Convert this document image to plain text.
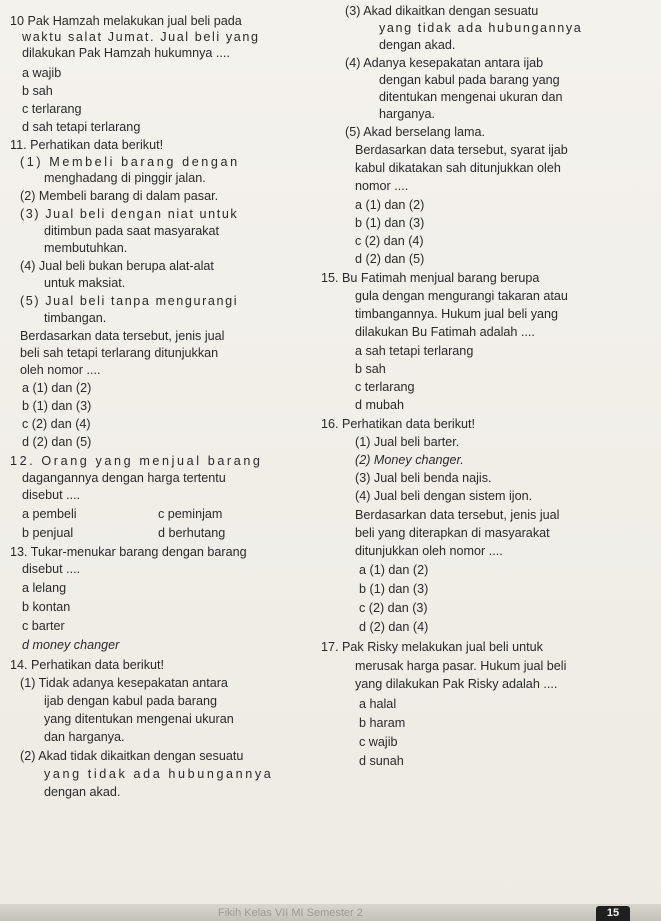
10 Pak Hamzah melakukan jual beli pada
waktu salat Jumat. Jual beli yang
dilakukan Pak Hamzah hukumnya ....
a wajib
b sah
c terlarang
d sah tetapi terlarang
11. Perhatikan data berikut!
(1) Membeli barang dengan
menghadang di pinggir jalan.
(2) Membeli barang di dalam pasar.
(3) Jual beli dengan niat untuk
ditimbun pada saat masyarakat
membutuhkan.
(4) Jual beli bukan berupa alat-alat
untuk maksiat.
(5) Jual beli tanpa mengurangi
timbangan.
Berdasarkan data tersebut, jenis jual
beli sah tetapi terlarang ditunjukkan
oleh nomor ....
a (1) dan (2)
b (1) dan (3)
c (2) dan (4)
d (2) dan (5)
12. Orang yang menjual barang
dagangannya dengan harga tertentu
disebut ....
a pembeli	c peminjam
b penjual	d berhutang
13. Tukar-menukar barang dengan barang
disebut ....
a lelang
b kontan
c barter
d money changer
14. Perhatikan data berikut!
(1) Tidak adanya kesepakatan antara
ijab dengan kabul pada barang
yang ditentukan mengenai ukuran
dan harganya.
(2) Akad tidak dikaitkan dengan sesuatu
yang tidak ada hubungannya
dengan akad.
(3) Akad dikaitkan dengan sesuatu
yang tidak ada hubungannya
dengan akad.
(4) Adanya kesepakatan antara ijab
dengan kabul pada barang yang
ditentukan mengenai ukuran dan
harganya.
(5) Akad berselang lama.
Berdasarkan data tersebut, syarat ijab
kabul dikatakan sah ditunjukkan oleh
nomor ....
a (1) dan (2)
b (1) dan (3)
c (2) dan (4)
d (2) dan (5)
15. Bu Fatimah menjual barang berupa
gula dengan mengurangi takaran atau
timbangannya. Hukum jual beli yang
dilakukan Bu Fatimah adalah ....
a sah tetapi terlarang
b sah
c terlarang
d mubah
16. Perhatikan data berikut!
(1) Jual beli barter.
(2) Money changer.
(3) Jual beli benda najis.
(4) Jual beli dengan sistem ijon.
Berdasarkan data tersebut, jenis jual
beli yang diterapkan di masyarakat
ditunjukkan oleh nomor ....
a (1) dan (2)
b (1) dan (3)
c (2) dan (3)
d (2) dan (4)
17. Pak Risky melakukan jual beli untuk
merusak harga pasar. Hukum jual beli
yang dilakukan Pak Risky adalah ....
a halal
b haram
c wajib
d sunah
Fikih Kelas VII MI Semester 2	15
